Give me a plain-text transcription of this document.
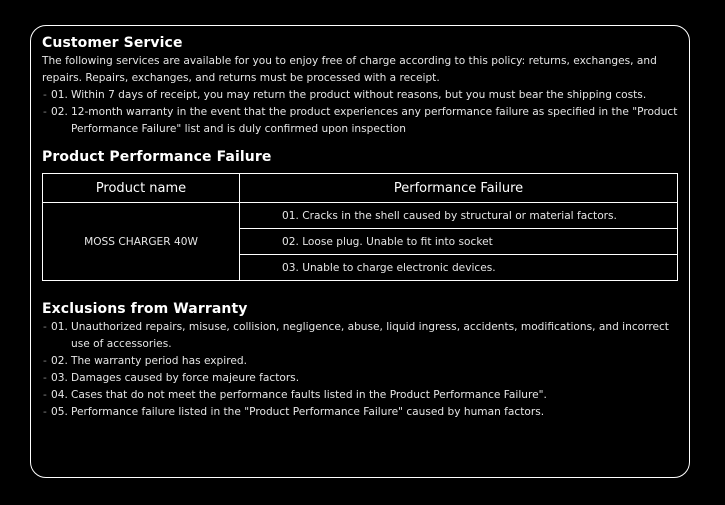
Customer Service

The following services are available for you to enjoy free of charge according to this policy: returns, exchanges, and repairs. Repairs, exchanges, and returns must be processed with a receipt.

- 01. Within 7 days of receipt, you may return the product without reasons, but you must bear the shipping costs.
- 02. 12-month warranty in the event that the product experiences any performance failure as specified in the "Product Performance Failure" list and is duly confirmed upon inspection
Product Performance Failure
Product name	Performance Failure
MOSS CHARGER 40W	01. Cracks in the shell caused by structural or material factors.
	02. Loose plug. Unable to fit into socket
	03. Unable to charge electronic devices.
Exclusions from Warranty
- 01. Unauthorized repairs, misuse, collision, negligence, abuse, liquid ingress, accidents, modifications, and incorrect use of accessories.
- 02. The warranty period has expired.
- 03. Damages caused by force majeure factors.
- 04. Cases that do not meet the performance faults listed in the Product Performance Failure".
- 05. Performance failure listed in the "Product Performance Failure" caused by human factors.
